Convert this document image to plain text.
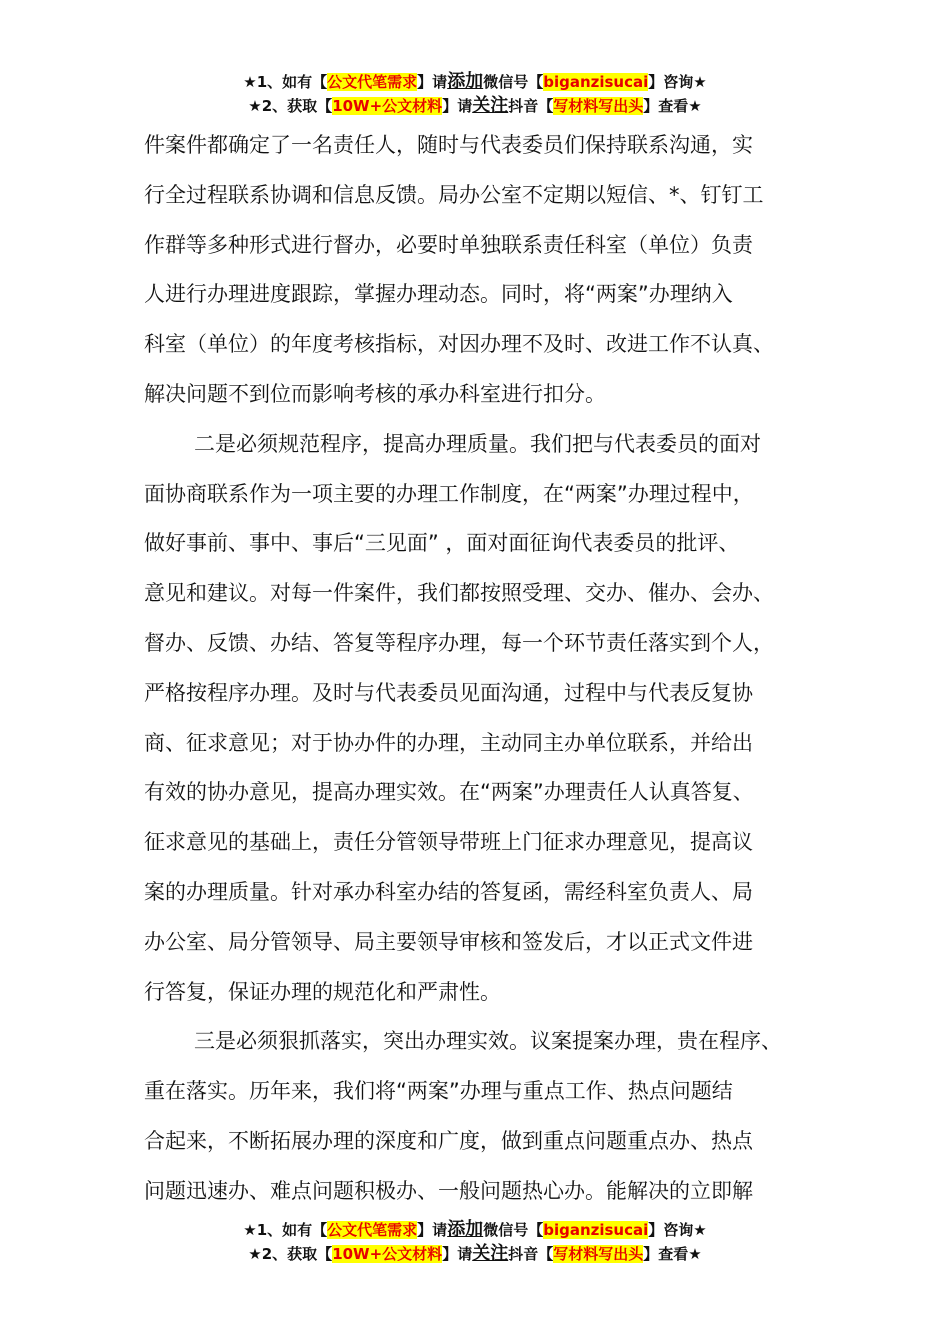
★1、如有【公文代笔需求】请添加微信号【biganzisucai】咨询★
★2、获取【10W+公文材料】请关注抖音【写材料写出头】查看★

件案件都确定了一名责任人，随时与代表委员们保持联系沟通，实
行全过程联系协调和信息反馈。局办公室不定期以短信、*、钉钉工
作群等多种形式进行督办，必要时单独联系责任科室（单位）负责
人进行办理进度跟踪，掌握办理动态。同时，将“两案”办理纳入
科室（单位）的年度考核指标，对因办理不及时、改进工作不认真、
解决问题不到位而影响考核的承办科室进行扣分。

二是必须规范程序，提高办理质量。我们把与代表委员的面对
面协商联系作为一项主要的办理工作制度，在“两案”办理过程中，
做好事前、事中、事后“三见面” ，面对面征询代表委员的批评、
意见和建议。对每一件案件，我们都按照受理、交办、催办、会办、
督办、反馈、办结、答复等程序办理，每一个环节责任落实到个人，
严格按程序办理。及时与代表委员见面沟通，过程中与代表反复协
商、征求意见；对于协办件的办理，主动同主办单位联系，并给出
有效的协办意见，提高办理实效。在“两案”办理责任人认真答复、
征求意见的基础上，责任分管领导带班上门征求办理意见，提高议
案的办理质量。针对承办科室办结的答复函，需经科室负责人、局
办公室、局分管领导、局主要领导审核和签发后，才以正式文件进
行答复，保证办理的规范化和严肃性。

三是必须狠抓落实，突出办理实效。议案提案办理，贵在程序、
重在落实。历年来，我们将“两案”办理与重点工作、热点问题结
合起来，不断拓展办理的深度和广度，做到重点问题重点办、热点
问题迅速办、难点问题积极办、一般问题热心办。能解决的立即解

★1、如有【公文代笔需求】请添加微信号【biganzisucai】咨询★
★2、获取【10W+公文材料】请关注抖音【写材料写出头】查看★
